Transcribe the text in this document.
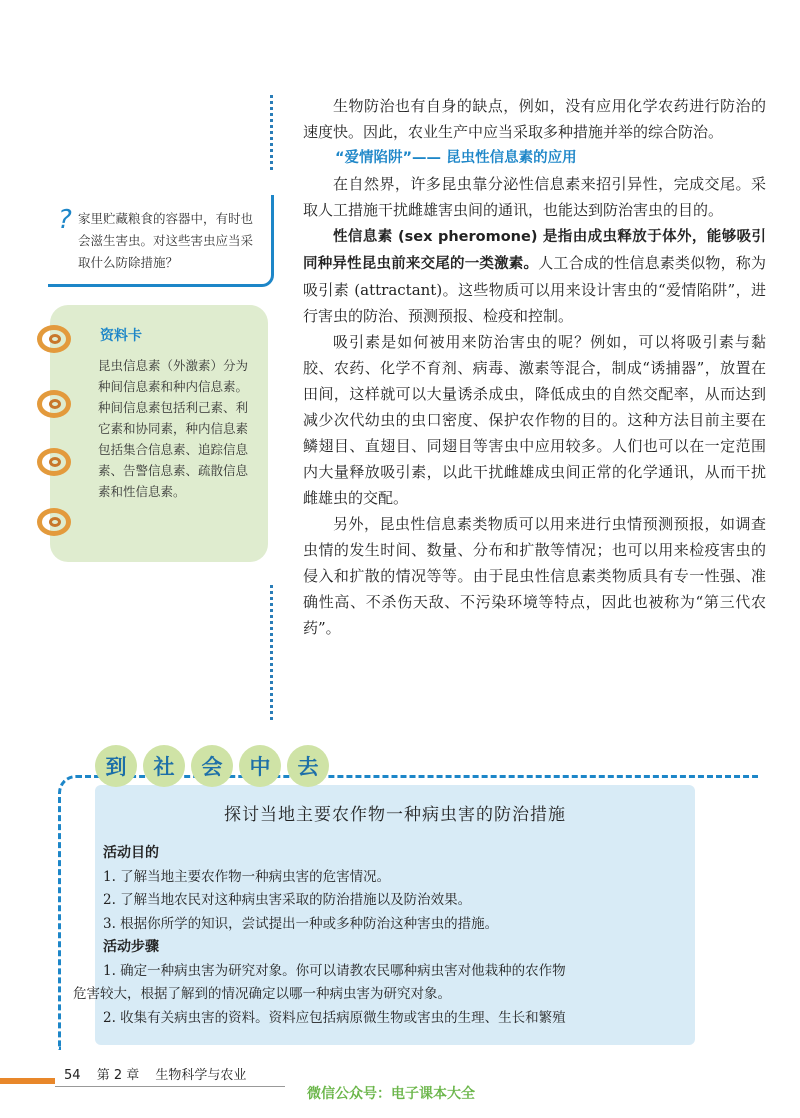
? 家里贮藏粮食的容器中，有时也会滋生害虫。对这些害虫应当采取什么防除措施？
资料卡
昆虫信息素（外激素）分为种间信息素和种内信息素。种间信息素包括利己素、利它素和协同素，种内信息素包括集合信息素、追踪信息素、告警信息素、疏散信息素和性信息素。

生物防治也有自身的缺点，例如，没有应用化学农药进行防治的速度快。因此，农业生产中应当采取多种措施并举的综合防治。

“爱情陷阱”—— 昆虫性信息素的应用

在自然界，许多昆虫靠分泌性信息素来招引异性，完成交尾。采取人工措施干扰雌雄害虫间的通讯，也能达到防治害虫的目的。

性信息素 (sex pheromone) 是指由成虫释放于体外，能够吸引同种异性昆虫前来交尾的一类激素。人工合成的性信息素类似物，称为吸引素 (attractant)。这些物质可以用来设计害虫的“爱情陷阱”，进行害虫的防治、预测预报、检疫和控制。

吸引素是如何被用来防治害虫的呢？例如，可以将吸引素与黏胶、农药、化学不育剂、病毒、激素等混合，制成“诱捕器”，放置在田间，这样就可以大量诱杀成虫，降低成虫的自然交配率，从而达到减少次代幼虫的虫口密度、保护农作物的目的。这种方法目前主要在鳞翅目、直翅目、同翅目等害虫中应用较多。人们也可以在一定范围内大量释放吸引素，以此干扰雌雄成虫间正常的化学通讯，从而干扰雌雄虫的交配。

另外，昆虫性信息素类物质可以用来进行虫情预测预报，如调查虫情的发生时间、数量、分布和扩散等情况；也可以用来检疫害虫的侵入和扩散的情况等等。由于昆虫性信息素类物质具有专一性强、准确性高、不杀伤天敌、不污染环境等特点，因此也被称为“第三代农药”。

到	社	会	中	去
探讨当地主要农作物一种病虫害的防治措施
活动目的
1. 了解当地主要农作物一种病虫害的危害情况。
2. 了解当地农民对这种病虫害采取的防治措施以及防治效果。
3. 根据你所学的知识，尝试提出一种或多种防治这种害虫的措施。
活动步骤
1. 确定一种病虫害为研究对象。你可以请教农民哪种病虫害对他栽种的农作物
危害较大，根据了解到的情况确定以哪一种病虫害为研究对象。
2. 收集有关病虫害的资料。资料应包括病原微生物或害虫的生理、生长和繁殖
54 第 2 章 生物科学与农业
微信公众号：电子课本大全
